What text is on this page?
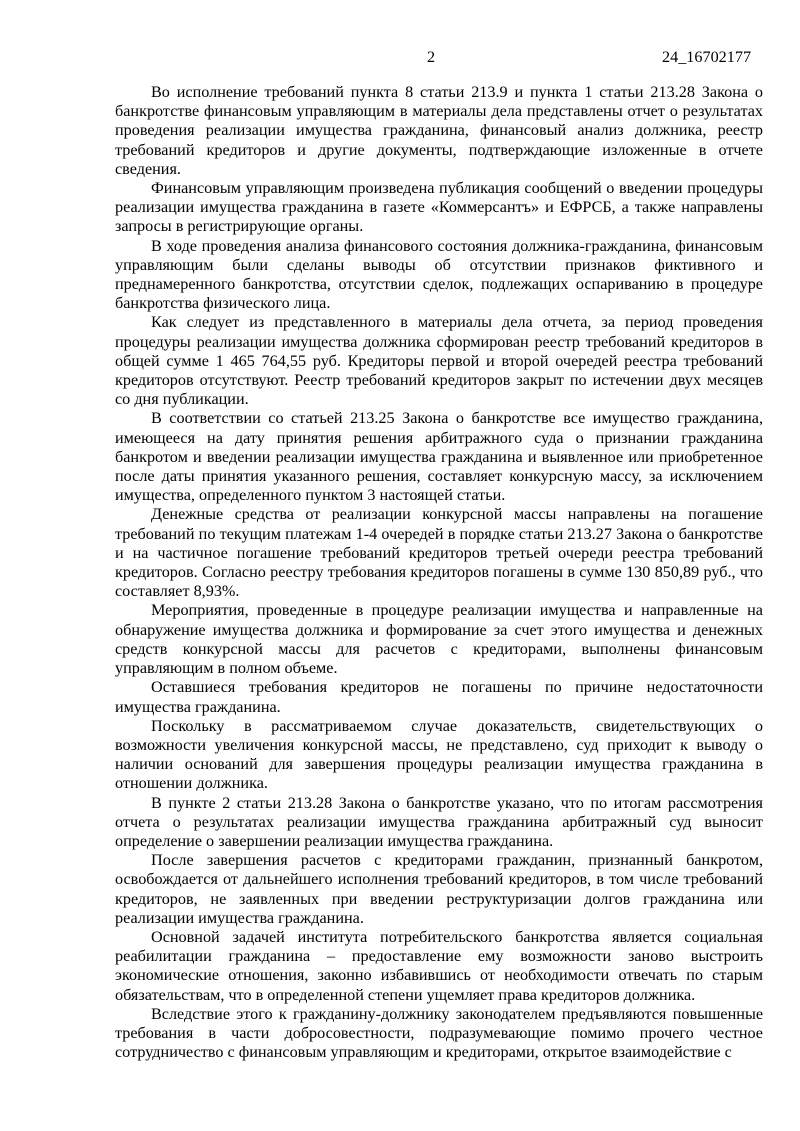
2	24_16702177

Во исполнение требований пункта 8 статьи 213.9 и пункта 1 статьи 213.28 Закона о банкротстве финансовым управляющим в материалы дела представлены отчет о результатах проведения реализации имущества гражданина, финансовый анализ должника, реестр требований кредиторов и другие документы, подтверждающие изложенные в отчете сведения.

Финансовым управляющим произведена публикация сообщений о введении процедуры реализации имущества гражданина в газете «Коммерсантъ» и ЕФРСБ, а также направлены запросы в регистрирующие органы.

В ходе проведения анализа финансового состояния должника-гражданина, финансовым управляющим были сделаны выводы об отсутствии признаков фиктивного и преднамеренного банкротства, отсутствии сделок, подлежащих оспариванию в процедуре банкротства физического лица.

Как следует из представленного в материалы дела отчета, за период проведения процедуры реализации имущества должника сформирован реестр требований кредиторов в общей сумме 1 465 764,55 руб. Кредиторы первой и второй очередей реестра требований кредиторов отсутствуют. Реестр требований кредиторов закрыт по истечении двух месяцев со дня публикации.

В соответствии со статьей 213.25 Закона о банкротстве все имущество гражданина, имеющееся на дату принятия решения арбитражного суда о признании гражданина банкротом и введении реализации имущества гражданина и выявленное или приобретенное после даты принятия указанного решения, составляет конкурсную массу, за исключением имущества, определенного пунктом 3 настоящей статьи.

Денежные средства от реализации конкурсной массы направлены на погашение требований по текущим платежам 1-4 очередей в порядке статьи 213.27 Закона о банкротстве и на частичное погашение требований кредиторов третьей очереди реестра требований кредиторов. Согласно реестру требования кредиторов погашены в сумме 130 850,89 руб., что составляет 8,93%.

Мероприятия, проведенные в процедуре реализации имущества и направленные на обнаружение имущества должника и формирование за счет этого имущества и денежных средств конкурсной массы для расчетов с кредиторами, выполнены финансовым управляющим в полном объеме.

Оставшиеся требования кредиторов не погашены по причине недостаточности имущества гражданина.

Поскольку в рассматриваемом случае доказательств, свидетельствующих о возможности увеличения конкурсной массы, не представлено, суд приходит к выводу о наличии оснований для завершения процедуры реализации имущества гражданина в отношении должника.

В пункте 2 статьи 213.28 Закона о банкротстве указано, что по итогам рассмотрения отчета о результатах реализации имущества гражданина арбитражный суд выносит определение о завершении реализации имущества гражданина.

После завершения расчетов с кредиторами гражданин, признанный банкротом, освобождается от дальнейшего исполнения требований кредиторов, в том числе требований кредиторов, не заявленных при введении реструктуризации долгов гражданина или реализации имущества гражданина.

Основной задачей института потребительского банкротства является социальная реабилитации гражданина – предоставление ему возможности заново выстроить экономические отношения, законно избавившись от необходимости отвечать по старым обязательствам, что в определенной степени ущемляет права кредиторов должника.

Вследствие этого к гражданину-должнику законодателем предъявляются повышенные требования в части добросовестности, подразумевающие помимо прочего честное сотрудничество с финансовым управляющим и кредиторами, открытое взаимодействие с
